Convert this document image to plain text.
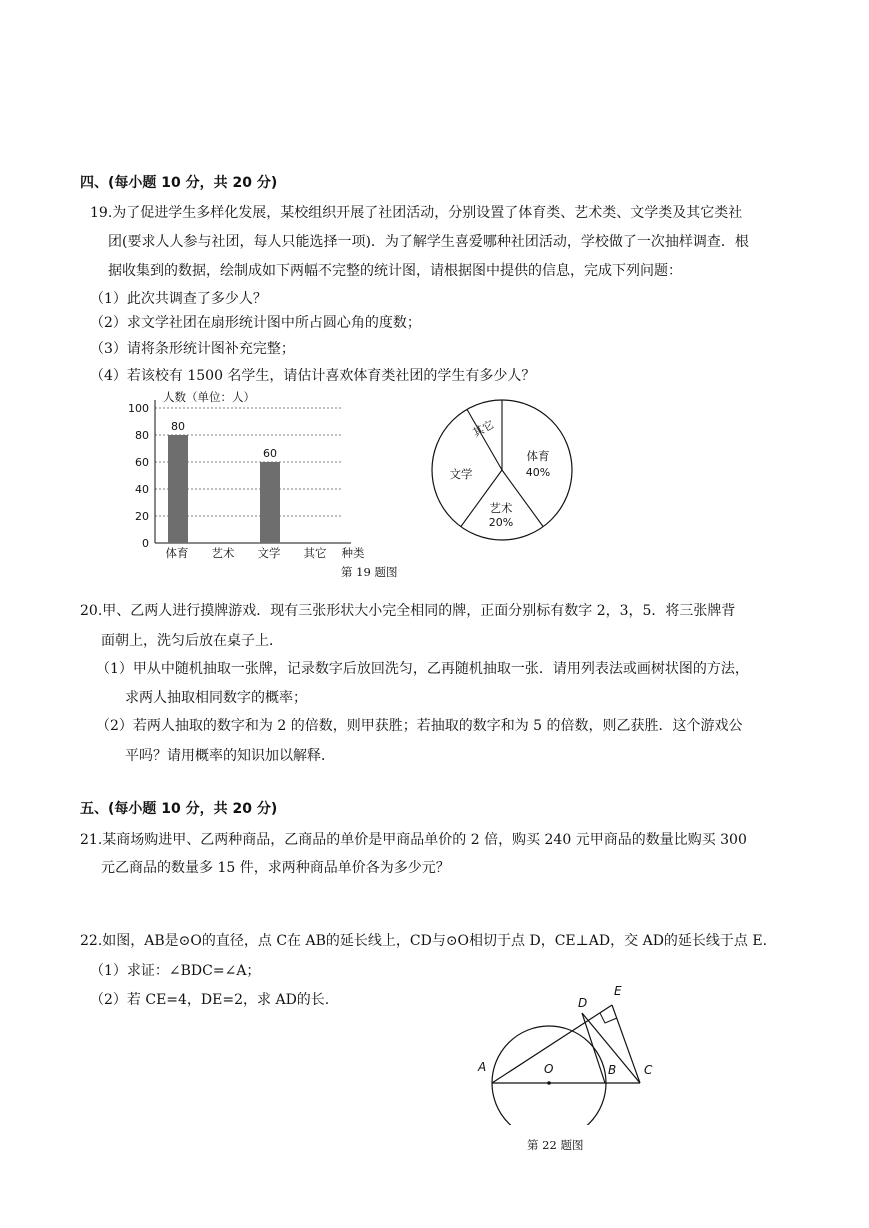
四、(每小题 10 分，共 20 分)
19.为了促进学生多样化发展，某校组织开展了社团活动，分别设置了体育类、艺术类、文学类及其它类社
团(要求人人参与社团，每人只能选择一项)．为了解学生喜爱哪种社团活动，学校做了一次抽样调查．根
据收集到的数据，绘制成如下两幅不完整的统计图，请根据图中提供的信息，完成下列问题：
（1）此次共调查了多少人？
（2）求文学社团在扇形统计图中所占圆心角的度数；
（3）请将条形统计图补充完整；
（4）若该校有 1500 名学生，请估计喜欢体育类社团的学生有多少人？
人数（单位：人）
0
20
40
60
80
100
80
体育 艺术
60
文学 其它 种类
体育
40%
艺术
20%
文学
其它
第 19 题图
20.甲、乙两人进行摸牌游戏．现有三张形状大小完全相同的牌，正面分别标有数字 2，3，5．将三张牌背
面朝上，洗匀后放在桌子上．
（1）甲从中随机抽取一张牌，记录数字后放回洗匀，乙再随机抽取一张．请用列表法或画树状图的方法，
求两人抽取相同数字的概率；
（2）若两人抽取的数字和为 2 的倍数，则甲获胜；若抽取的数字和为 5 的倍数，则乙获胜．这个游戏公
平吗？请用概率的知识加以解释．
五、(每小题 10 分，共 20 分)
21.某商场购进甲、乙两种商品，乙商品的单价是甲商品单价的 2 倍，购买 240 元甲商品的数量比购买 300
元乙商品的数量多 15 件，求两种商品单价各为多少元？
22.如图，AB是⊙O的直径，点 C在 AB的延长线上，CD与⊙O相切于点 D，CE⊥AD，交 AD的延长线于点 E.
（1）求证：∠BDC=∠A；
（2）若 CE=4，DE=2，求 AD的长.
A	O	B C
D
E
第 22 题图
